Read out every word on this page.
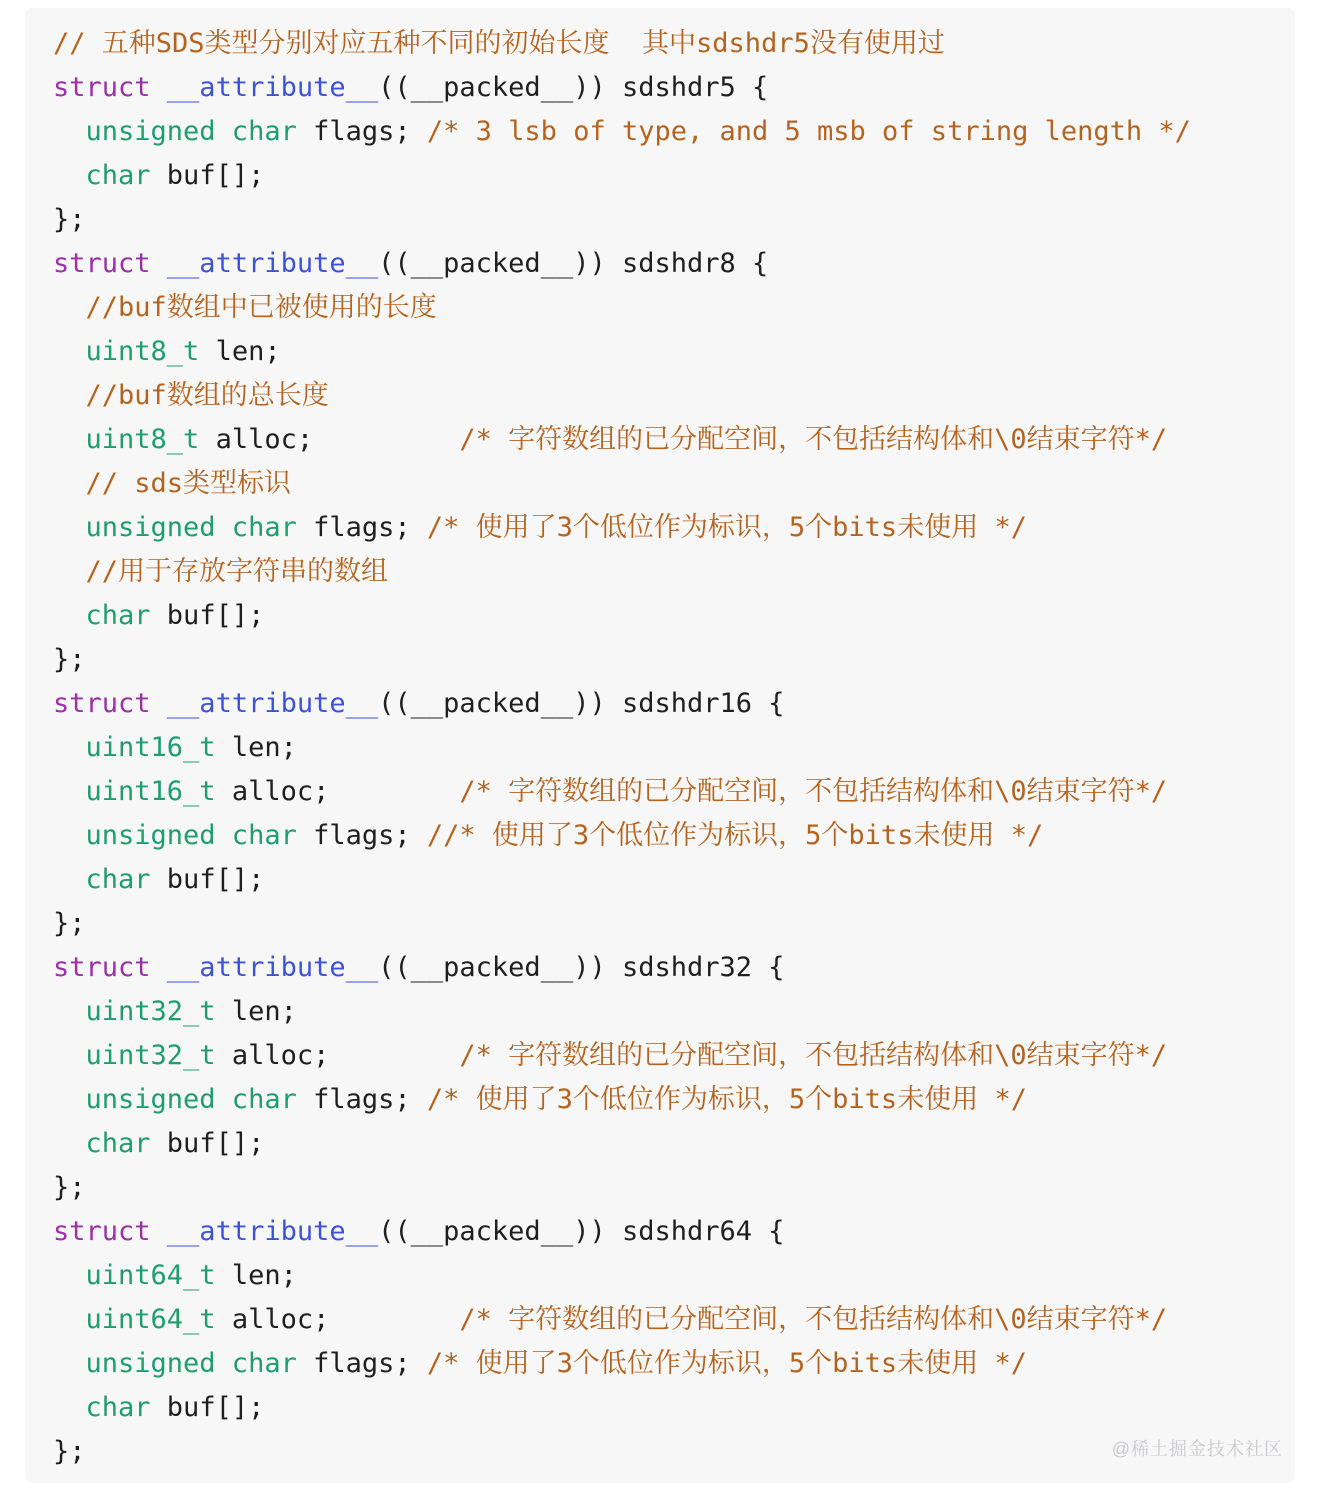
// 五种SDS类型分别对应五种不同的初始长度  其中sdshdr5没有使用过
struct __attribute__((__packed__)) sdshdr5 {
unsigned char flags; /* 3 lsb of type, and 5 msb of string length */
char buf[];
};
struct __attribute__((__packed__)) sdshdr8 {
//buf数组中已被使用的长度
uint8_t len;
//buf数组的总长度
uint8_t alloc;         /* 字符数组的已分配空间，不包括结构体和\0结束字符*/
// sds类型标识
unsigned char flags; /* 使用了3个低位作为标识，5个bits未使用 */
//用于存放字符串的数组
char buf[];
};
struct __attribute__((__packed__)) sdshdr16 {
uint16_t len;
uint16_t alloc;        /* 字符数组的已分配空间，不包括结构体和\0结束字符*/
unsigned char flags; //* 使用了3个低位作为标识，5个bits未使用 */
char buf[];
};
struct __attribute__((__packed__)) sdshdr32 {
uint32_t len;
uint32_t alloc;        /* 字符数组的已分配空间，不包括结构体和\0结束字符*/
unsigned char flags; /* 使用了3个低位作为标识，5个bits未使用 */
char buf[];
};
struct __attribute__((__packed__)) sdshdr64 {
uint64_t len;
uint64_t alloc;        /* 字符数组的已分配空间，不包括结构体和\0结束字符*/
unsigned char flags; /* 使用了3个低位作为标识，5个bits未使用 */
char buf[];
};	@稀土掘金技术社区
